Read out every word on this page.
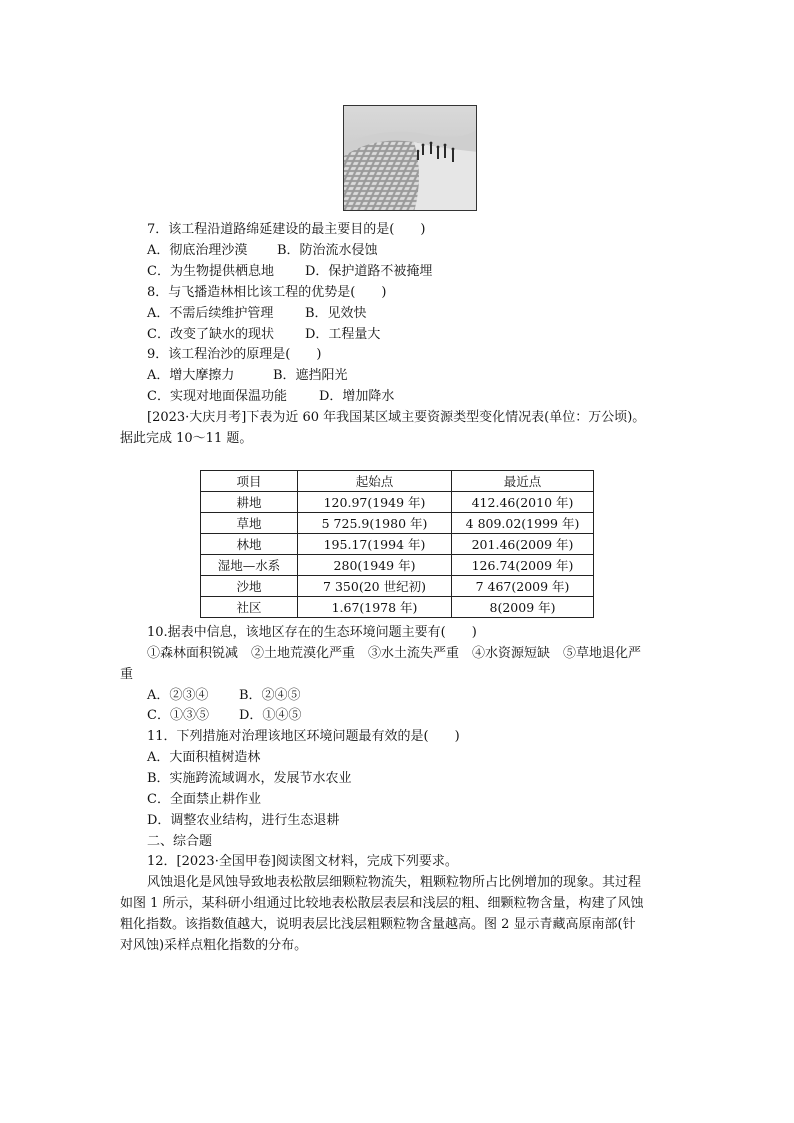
7．该工程沿道路绵延建设的最主要目的是(　　)
A．彻底治理沙漠 B．防治流水侵蚀
C．为生物提供栖息地 D．保护道路不被掩埋
8．与飞播造林相比该工程的优势是(　　)
A．不需后续维护管理 B．见效快
C．改变了缺水的现状 D．工程量大
9．该工程治沙的原理是(　　)
A．增大摩擦力	B．遮挡阳光
C．实现对地面保温功能 D．增加降水
[2023·大庆月考]下表为近 60 年我国某区域主要资源类型变化情况表(单位：万公顷)。
据此完成 10～11 题。
项目	起始点	最近点
耕地	120.97(1949 年)	412.46(2010 年)
草地	5 725.9(1980 年)	4 809.02(1999 年)
林地	195.17(1994 年)	201.46(2009 年)
湿地—水系	280(1949 年)	126.74(2009 年)
沙地	7 350(20 世纪初)	7 467(2009 年)
社区	1.67(1978 年)	8(2009 年)
10.据表中信息，该地区存在的生态环境问题主要有(　　)
①森林面积锐减　②土地荒漠化严重　③水土流失严重　④水资源短缺　⑤草地退化严
重
A．②③④ B．②④⑤
C．①③⑤ D．①④⑤
11．下列措施对治理该地区环境问题最有效的是(　　)
A．大面积植树造林
B．实施跨流域调水，发展节水农业
C．全面禁止耕作业
D．调整农业结构，进行生态退耕
二、综合题
12．[2023·全国甲卷]阅读图文材料，完成下列要求。
风蚀退化是风蚀导致地表松散层细颗粒物流失，粗颗粒物所占比例增加的现象。其过程
如图 1 所示，某科研小组通过比较地表松散层表层和浅层的粗、细颗粒物含量，构建了风蚀
粗化指数。该指数值越大，说明表层比浅层粗颗粒物含量越高。图 2 显示青藏高原南部(针
对风蚀)采样点粗化指数的分布。
